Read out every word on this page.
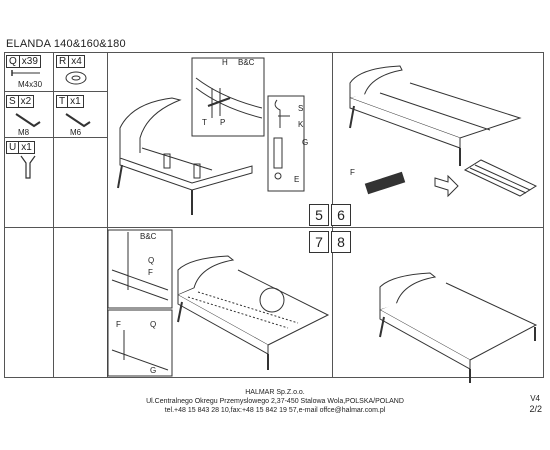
ELANDA 140&160&180
Q x39
M4x30
R x4
S x2
M8
T x1
M6
U x1
H B&C
T P
S
K
G
E
5	6
F
7	8
B&C
Q
F
F	Q
G
HALMAR Sp.Z.o.o.
Ul.Centralnego Okregu Przemyslowego 2,37-450 Stalowa Wola,POLSKA/POLAND
tel.+48 15 843 28 10,fax:+48 15 842 19 57,e-mail offce@halmar.com.pl
V4
2/2
